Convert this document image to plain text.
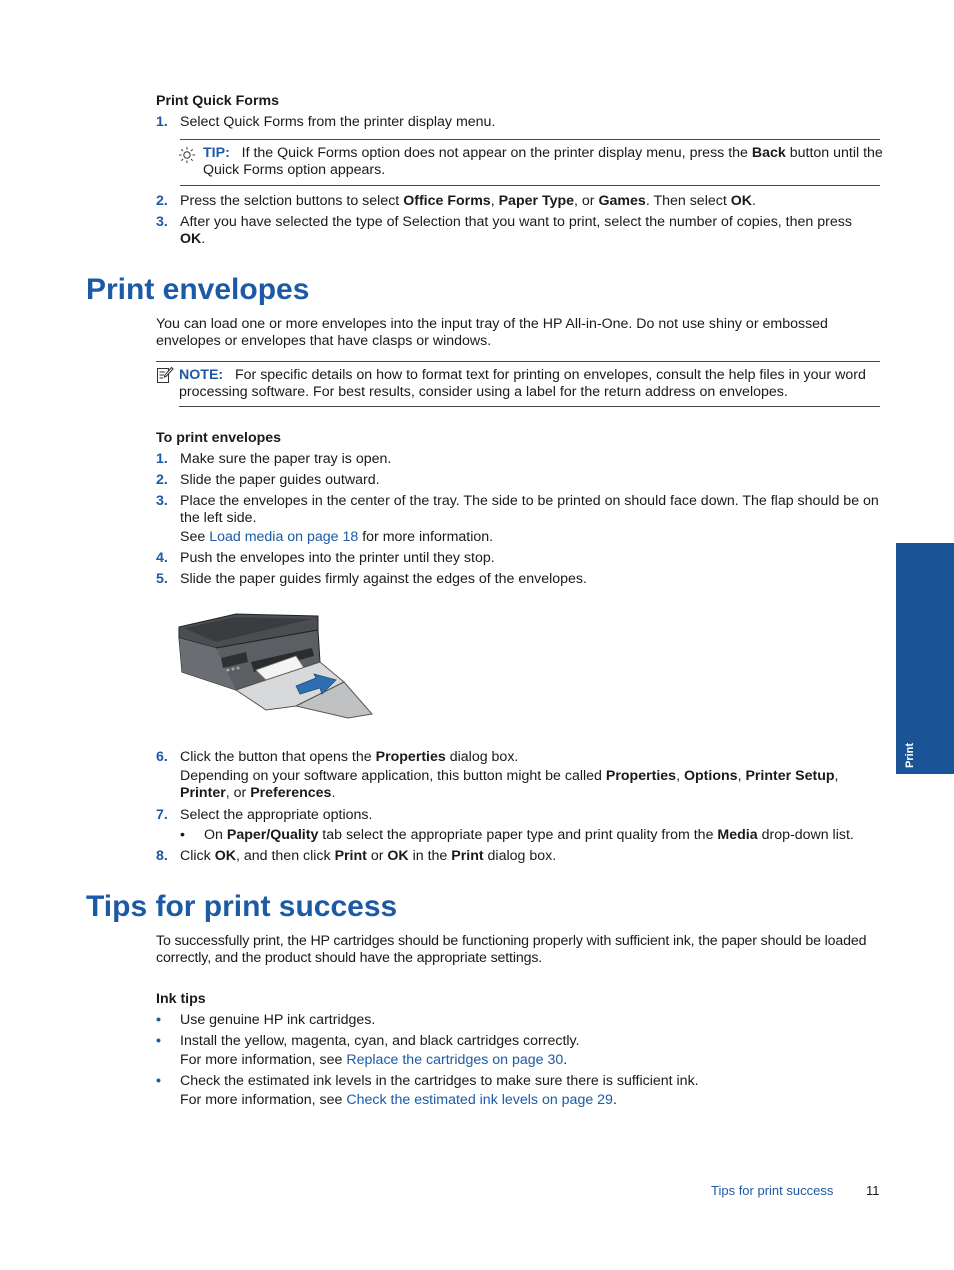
Print Quick Forms
1. Select Quick Forms from the printer display menu.
TIP: If the Quick Forms option does not appear on the printer display menu, press the Back button until the Quick Forms option appears.
2. Press the selction buttons to select Office Forms, Paper Type, or Games. Then select OK.
3. After you have selected the type of Selection that you want to print, select the number of copies, then press OK.
Print envelopes
You can load one or more envelopes into the input tray of the HP All-in-One. Do not use shiny or embossed envelopes or envelopes that have clasps or windows.
NOTE: For specific details on how to format text for printing on envelopes, consult the help files in your word processing software. For best results, consider using a label for the return address on envelopes.
To print envelopes
1. Make sure the paper tray is open.
2. Slide the paper guides outward.
3. Place the envelopes in the center of the tray. The side to be printed on should face down. The flap should be on the left side.
See Load media on page 18 for more information.
4. Push the envelopes into the printer until they stop.
5. Slide the paper guides firmly against the edges of the envelopes.
6. Click the button that opens the Properties dialog box.
Depending on your software application, this button might be called Properties, Options, Printer Setup, Printer, or Preferences.
7. Select the appropriate options.
• On Paper/Quality tab select the appropriate paper type and print quality from the Media drop-down list.
8. Click OK, and then click Print or OK in the Print dialog box.
Tips for print success
To successfully print, the HP cartridges should be functioning properly with sufficient ink, the paper should be loaded correctly, and the product should have the appropriate settings.
Ink tips
• Use genuine HP ink cartridges.
• Install the yellow, magenta, cyan, and black cartridges correctly.
For more information, see Replace the cartridges on page 30.
• Check the estimated ink levels in the cartridges to make sure there is sufficient ink.
For more information, see Check the estimated ink levels on page 29.
Print
Tips for print success	11
